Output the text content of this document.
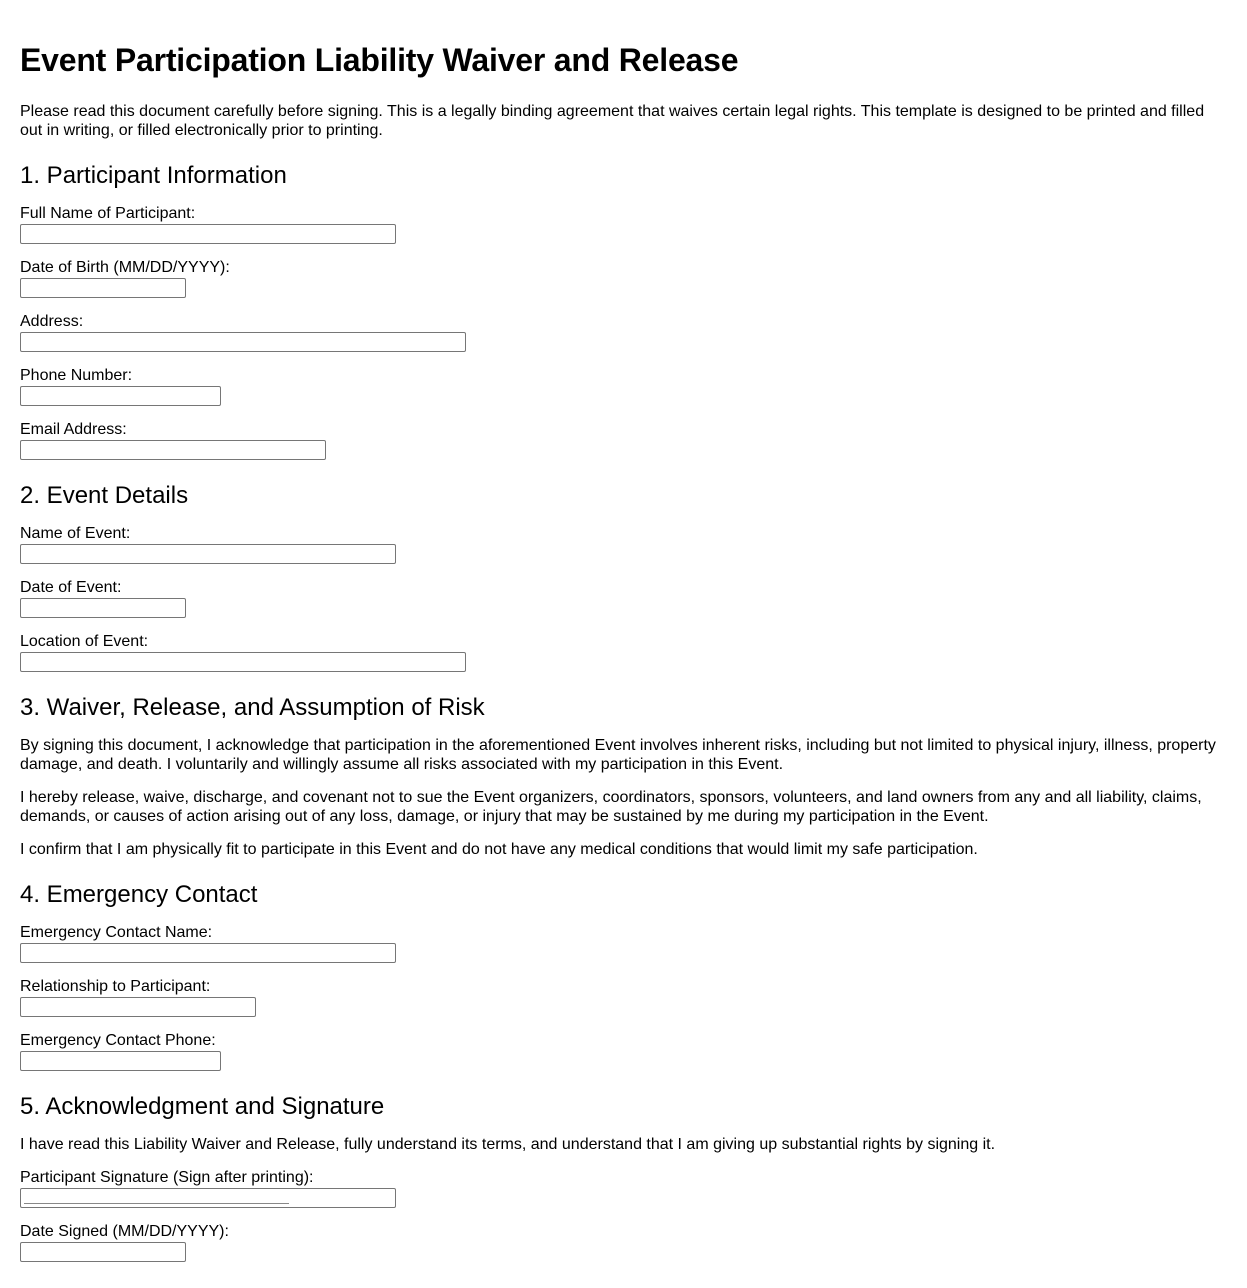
Event Participation Liability Waiver and Release
Please read this document carefully before signing. This is a legally binding agreement that waives certain legal rights. This template is designed to be printed and filled out in writing, or filled electronically prior to printing.
1. Participant Information
Full Name of Participant:
Date of Birth (MM/DD/YYYY):
Address:
Phone Number:
Email Address:
2. Event Details
Name of Event:
Date of Event:
Location of Event:
3. Waiver, Release, and Assumption of Risk

By signing this document, I acknowledge that participation in the aforementioned Event involves inherent risks, including but not limited to physical injury, illness, property damage, and death. I voluntarily and willingly assume all risks associated with my participation in this Event.

I hereby release, waive, discharge, and covenant not to sue the Event organizers, coordinators, sponsors, volunteers, and land owners from any and all liability, claims, demands, or causes of action arising out of any loss, damage, or injury that may be sustained by me during my participation in the Event.

I confirm that I am physically fit to participate in this Event and do not have any medical conditions that would limit my safe participation.

4. Emergency Contact
Emergency Contact Name:
Relationship to Participant:
Emergency Contact Phone:
5. Acknowledgment and Signature

I have read this Liability Waiver and Release, fully understand its terms, and understand that I am giving up substantial rights by signing it.

Participant Signature (Sign after printing):
Date Signed (MM/DD/YYYY):
